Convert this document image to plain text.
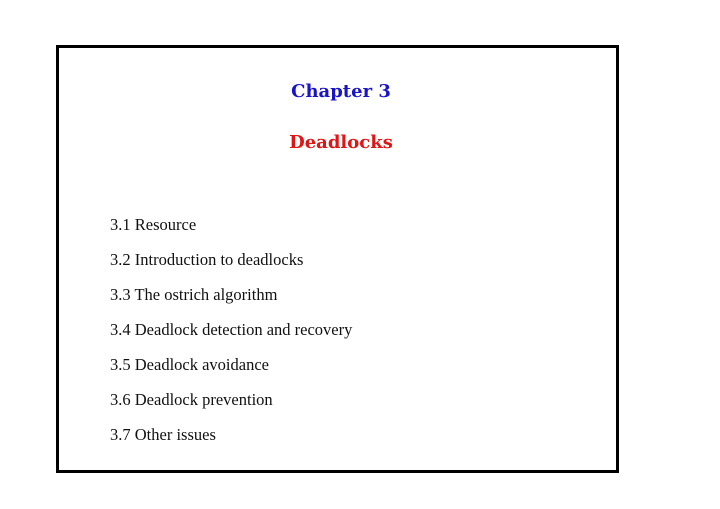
Chapter 3
Deadlocks
3.1 Resource
3.2 Introduction to deadlocks
3.3 The ostrich algorithm
3.4 Deadlock detection and recovery
3.5 Deadlock avoidance
3.6 Deadlock prevention
3.7 Other issues
